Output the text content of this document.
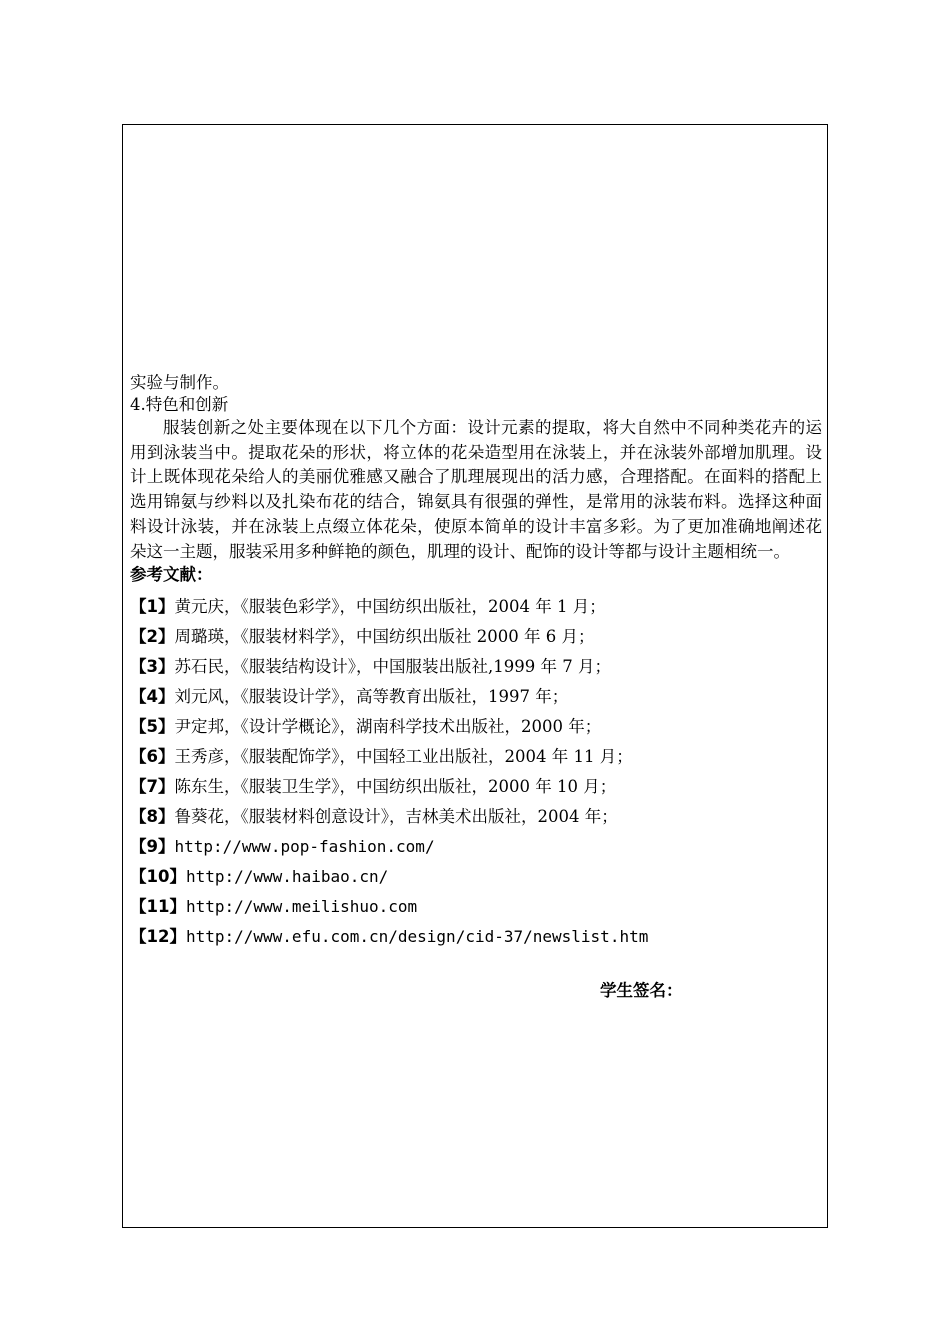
实验与制作。
4.特色和创新

服装创新之处主要体现在以下几个方面：设计元素的提取，将大自然中不同种类花卉的运用到泳装当中。提取花朵的形状，将立体的花朵造型用在泳装上，并在泳装外部增加肌理。设计上既体现花朵给人的美丽优雅感又融合了肌理展现出的活力感，合理搭配。在面料的搭配上选用锦氨与纱料以及扎染布花的结合，锦氨具有很强的弹性，是常用的泳装布料。选择这种面料设计泳装，并在泳装上点缀立体花朵，使原本简单的设计丰富多彩。为了更加准确地阐述花朵这一主题，服装采用多种鲜艳的颜色，肌理的设计、配饰的设计等都与设计主题相统一。

参考文献：
【1】黄元庆，《服装色彩学》，中国纺织出版社，2004 年 1 月；
【2】周璐瑛，《服装材料学》，中国纺织出版社 2000 年 6 月；
【3】苏石民，《服装结构设计》，中国服装出版社,1999 年 7 月；
【4】刘元风，《服装设计学》，高等教育出版社，1997 年；
【5】尹定邦，《设计学概论》，湖南科学技术出版社，2000 年；
【6】王秀彦，《服装配饰学》，中国轻工业出版社，2004 年 11 月；
【7】陈东生，《服装卫生学》，中国纺织出版社，2000 年 10 月；
【8】鲁葵花，《服装材料创意设计》，吉林美术出版社，2004 年；
【9】http://www.pop-fashion.com/
【10】http://www.haibao.cn/
【11】http://www.meilishuo.com
【12】http://www.efu.com.cn/design/cid-37/newslist.htm
学生签名：
